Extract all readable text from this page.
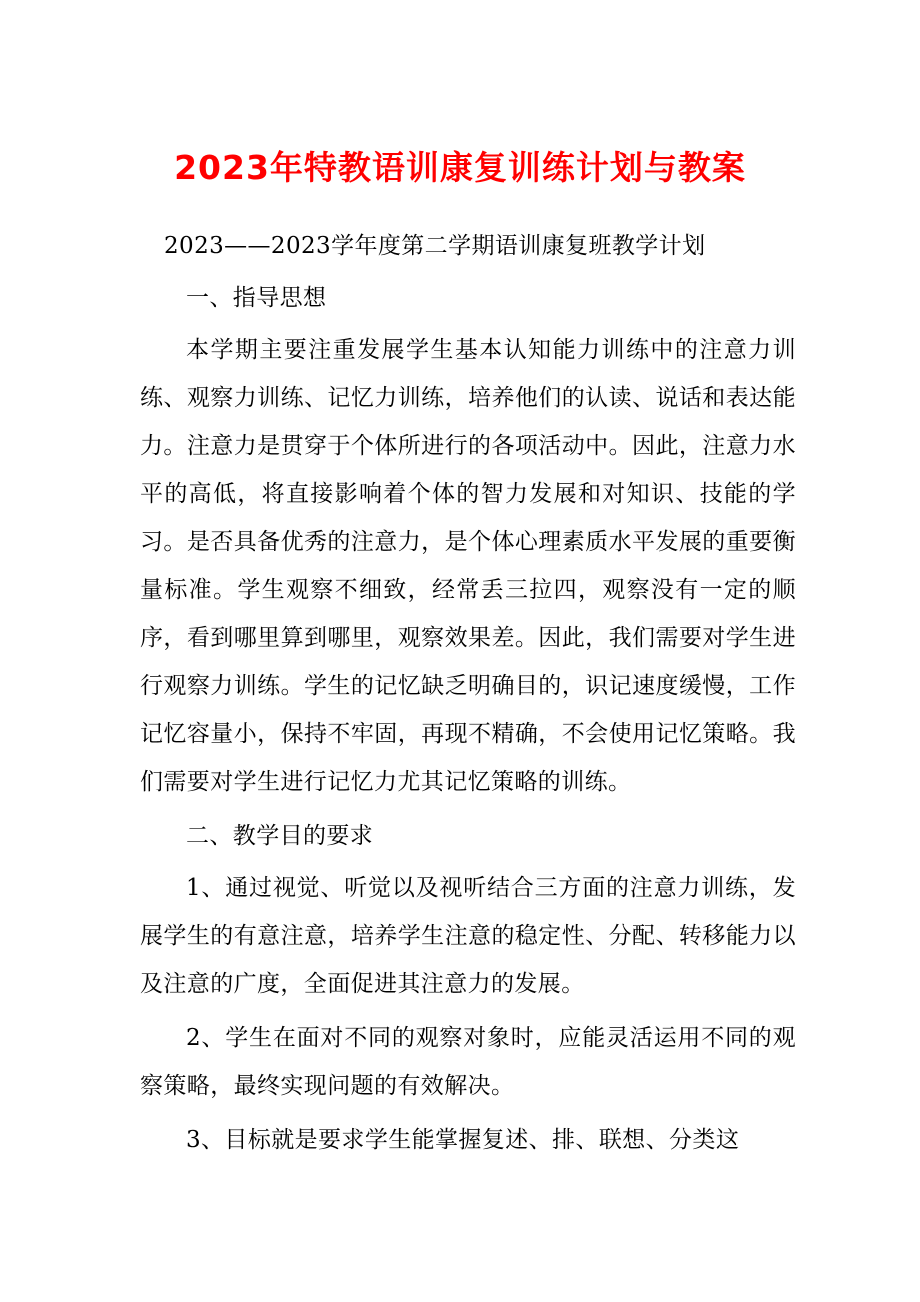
2023年特教语训康复训练计划与教案

2023——2023学年度第二学期语训康复班教学计划

一、指导思想

本学期主要注重发展学生基本认知能力训练中的注意力训练、观察力训练、记忆力训练，培养他们的认读、说话和表达能力。注意力是贯穿于个体所进行的各项活动中。因此，注意力水平的高低，将直接影响着个体的智力发展和对知识、技能的学习。是否具备优秀的注意力，是个体心理素质水平发展的重要衡量标准。学生观察不细致，经常丢三拉四，观察没有一定的顺序，看到哪里算到哪里，观察效果差。因此，我们需要对学生进行观察力训练。学生的记忆缺乏明确目的，识记速度缓慢，工作记忆容量小，保持不牢固，再现不精确，不会使用记忆策略。我们需要对学生进行记忆力尤其记忆策略的训练。

二、教学目的要求

1、通过视觉、听觉以及视听结合三方面的注意力训练，发展学生的有意注意，培养学生注意的稳定性、分配、转移能力以及注意的广度，全面促进其注意力的发展。

2、学生在面对不同的观察对象时，应能灵活运用不同的观察策略，最终实现问题的有效解决。

3、目标就是要求学生能掌握复述、排、联想、分类这
